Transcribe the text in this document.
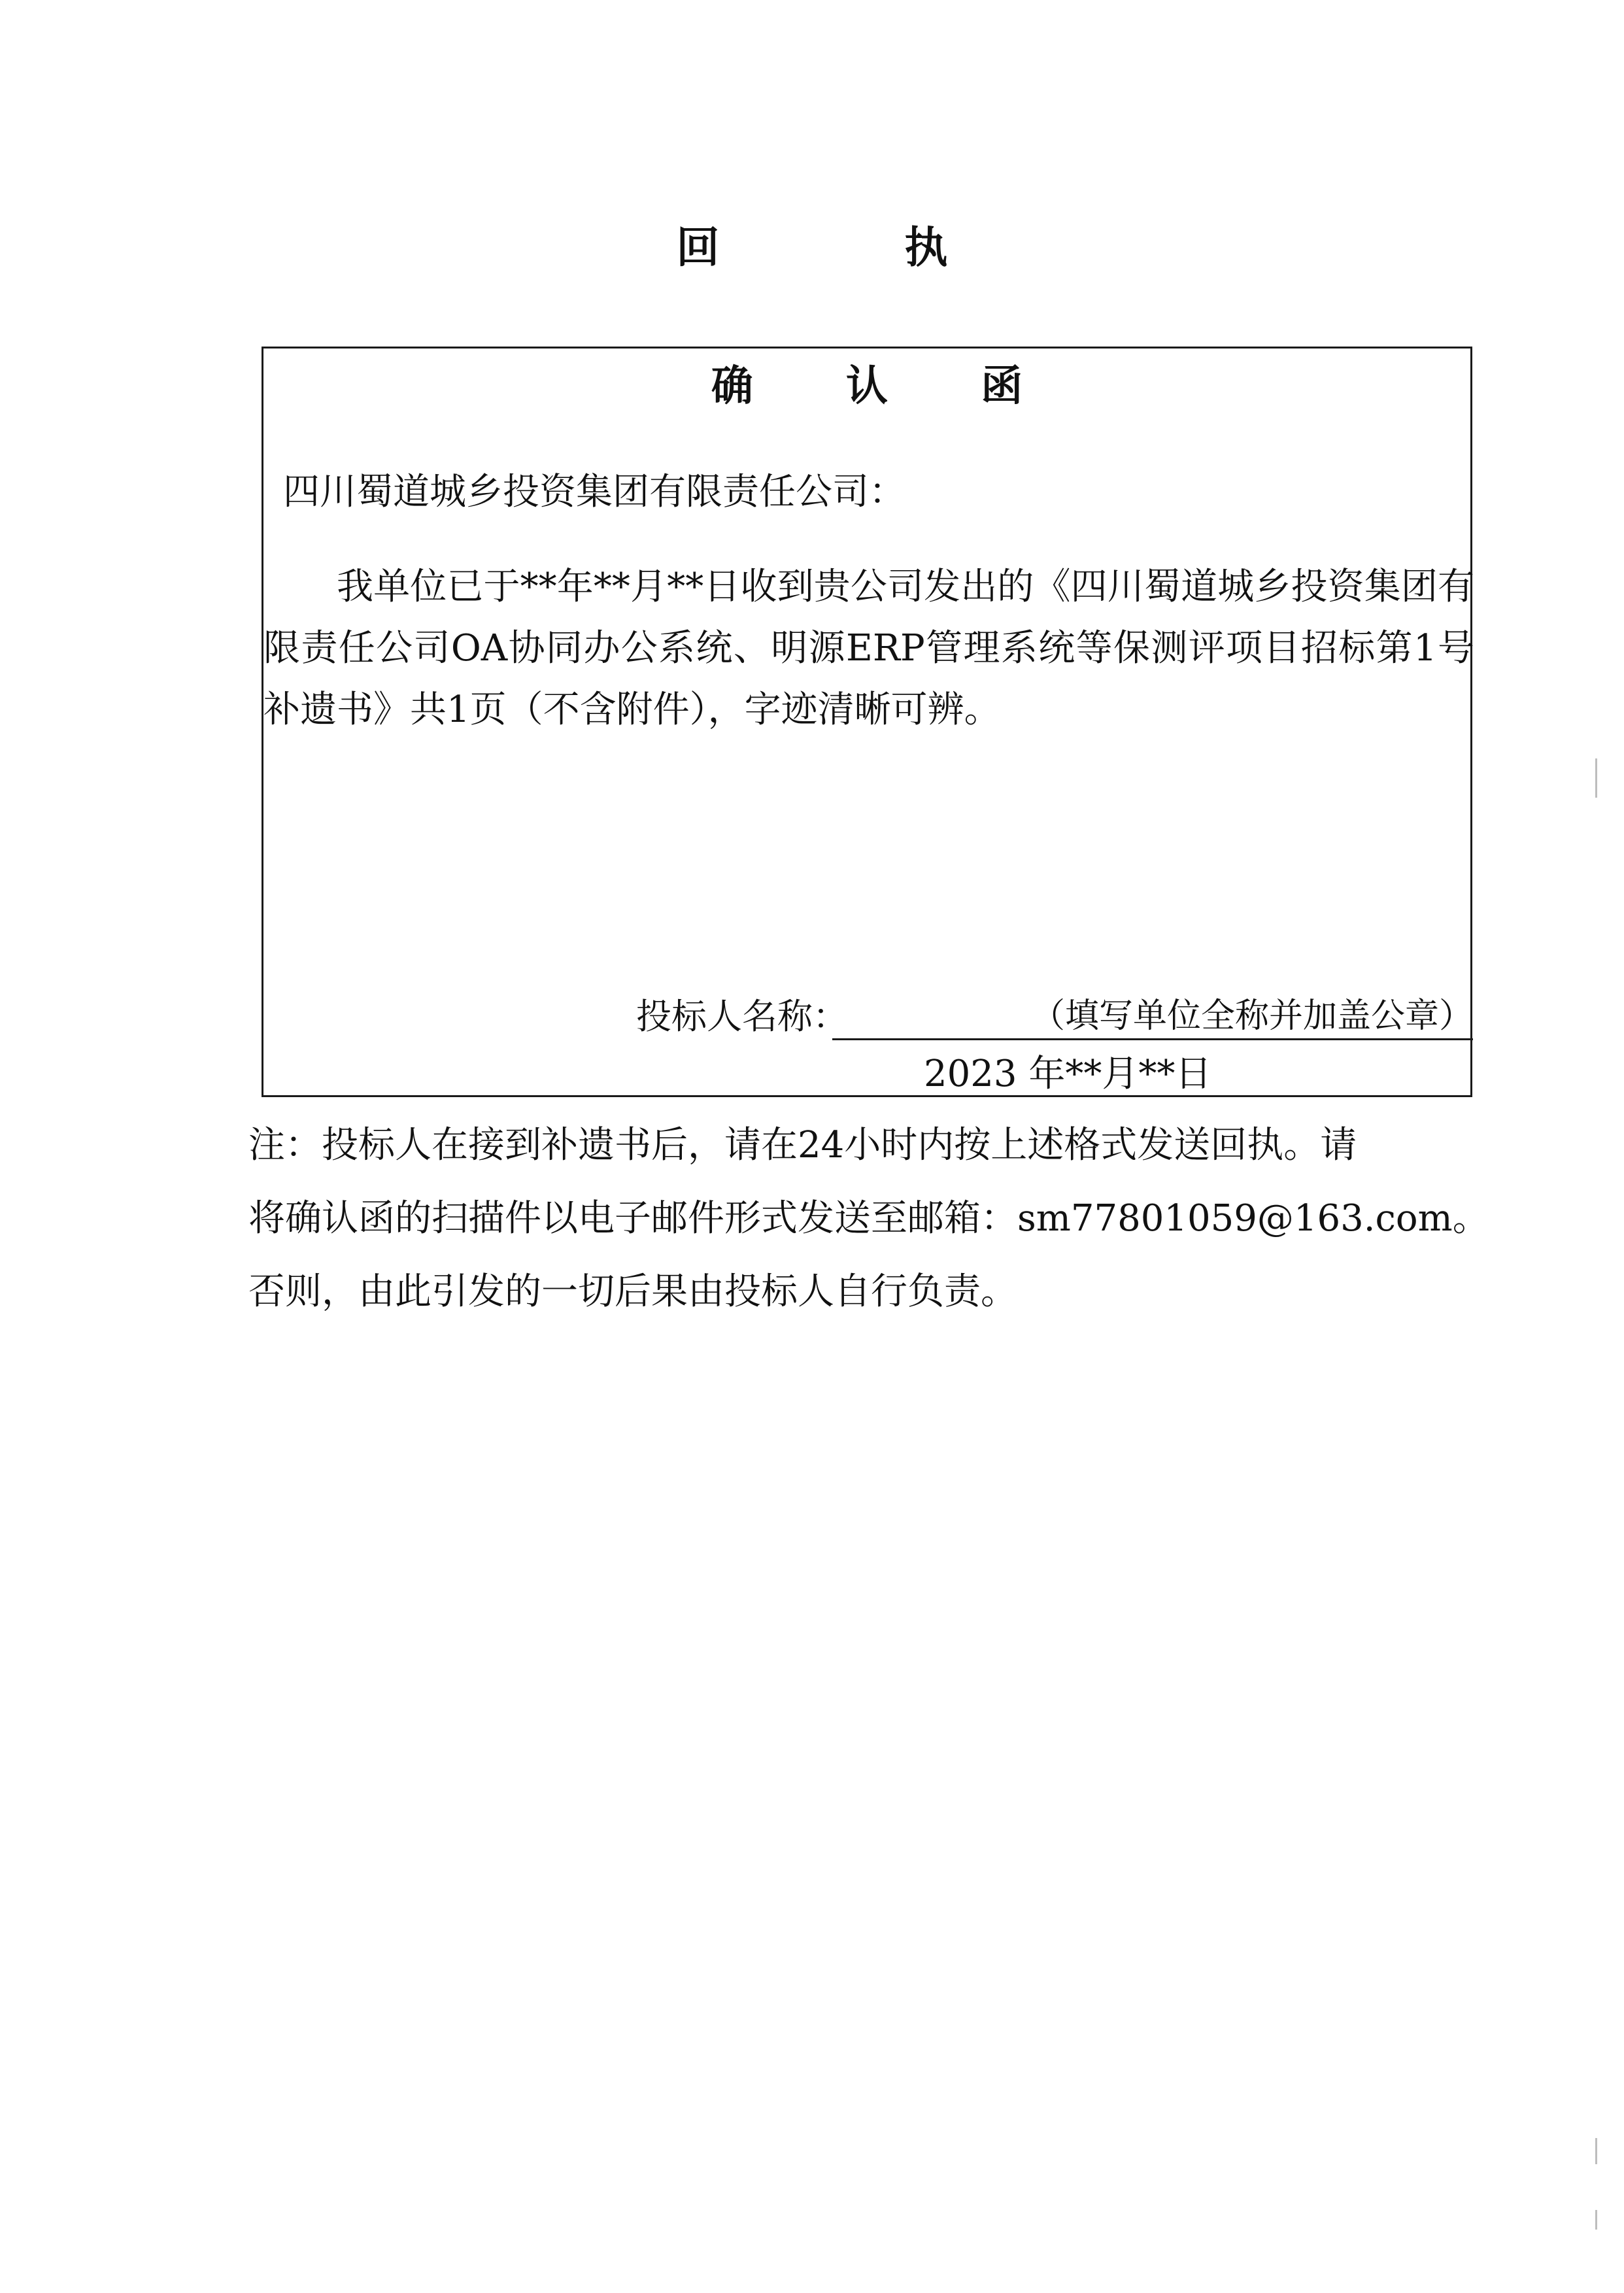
回 执
确 认 函
四川蜀道城乡投资集团有限责任公司：
我单位已于**年**月**日收到贵公司发出的《四川蜀道城乡投资集团有限责任公司OA协同办公系统、明源ERP管理系统等保测评项目招标第1号补遗书》共1页（不含附件），字迹清晰可辨。
投标人名称：	（填写单位全称并加盖公章）
2023 年**月**日
注：投标人在接到补遗书后，请在24小时内按上述格式发送回执。请
将确认函的扫描件以电子邮件形式发送至邮箱：sm77801059@163.com。
否则，由此引发的一切后果由投标人自行负责。
